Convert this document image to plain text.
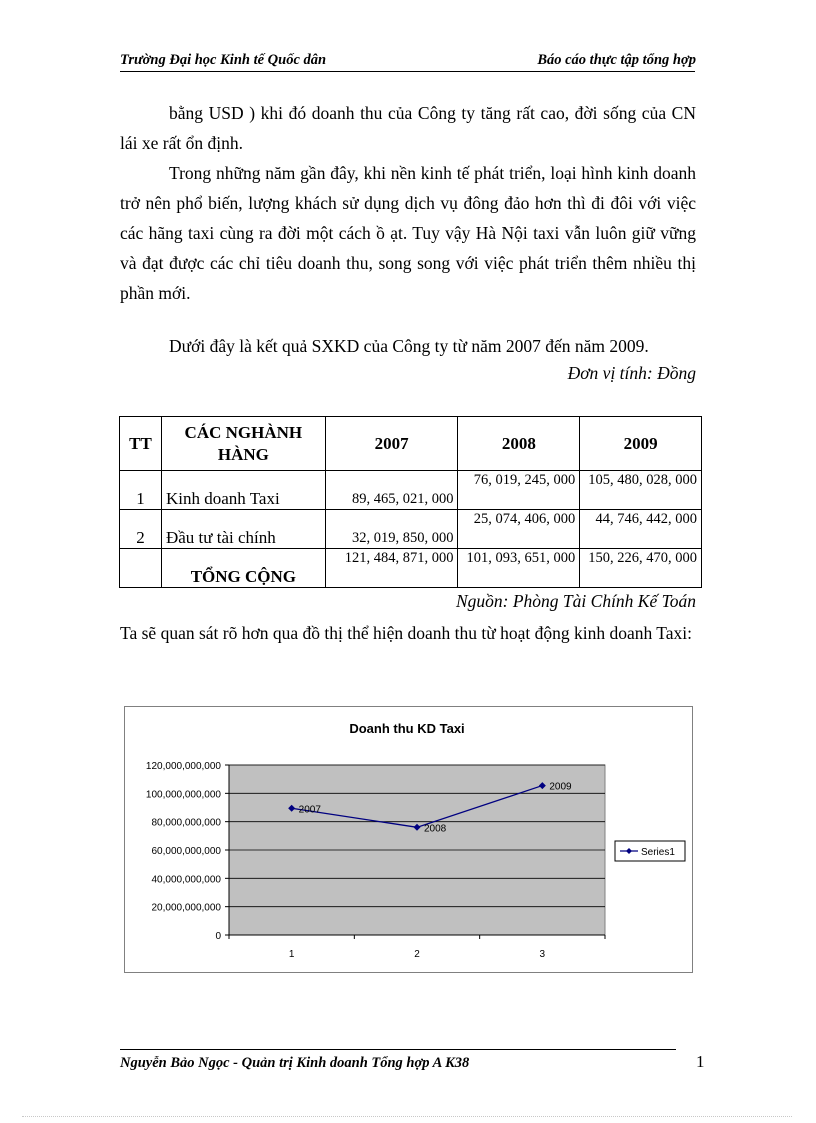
Trường Đại học Kinh tế Quốc dân	Báo cáo thực tập tổng hợp

bằng USD ) khi đó doanh thu của Công ty tăng rất cao, đời sống của CN lái xe rất ổn định.

Trong những năm gần đây, khi nền kinh tế phát triển, loại hình kinh doanh trở nên phổ biến, lượng khách sử dụng dịch vụ đông đảo hơn thì đi đôi với việc các hãng taxi cùng ra đời một cách ồ ạt. Tuy vậy Hà Nội taxi vẫn luôn giữ vững và đạt được các chỉ tiêu doanh thu, song song với việc phát triển thêm nhiều thị phần mới.

Dưới đây là kết quả SXKD của Công ty từ năm 2007 đến năm 2009.

Đơn vị tính: Đồng
TT	CÁC NGHÀNH HÀNG	2007	2008	2009
1	Kinh doanh Taxi	89, 465, 021, 000	76, 019, 245, 000	105, 480, 028, 000
2	Đầu tư tài chính	32, 019, 850, 000	25, 074, 406, 000	44, 746, 442, 000
	TỔNG CỘNG	121, 484, 871, 000	101, 093, 651, 000	150, 226, 470, 000
Nguồn: Phòng Tài Chính Kế Toán

Ta sẽ quan sát rõ hơn qua đồ thị thể hiện doanh thu từ hoạt động kinh doanh Taxi:

Doanh thu KD Taxi
0
20,000,000,000
40,000,000,000
60,000,000,000
80,000,000,000
100,000,000,000
120,000,000,000
1	2	3
2007
2008
2009
Series1
Nguyễn Bảo Ngọc - Quản trị Kinh doanh Tổng hợp A K38	1
